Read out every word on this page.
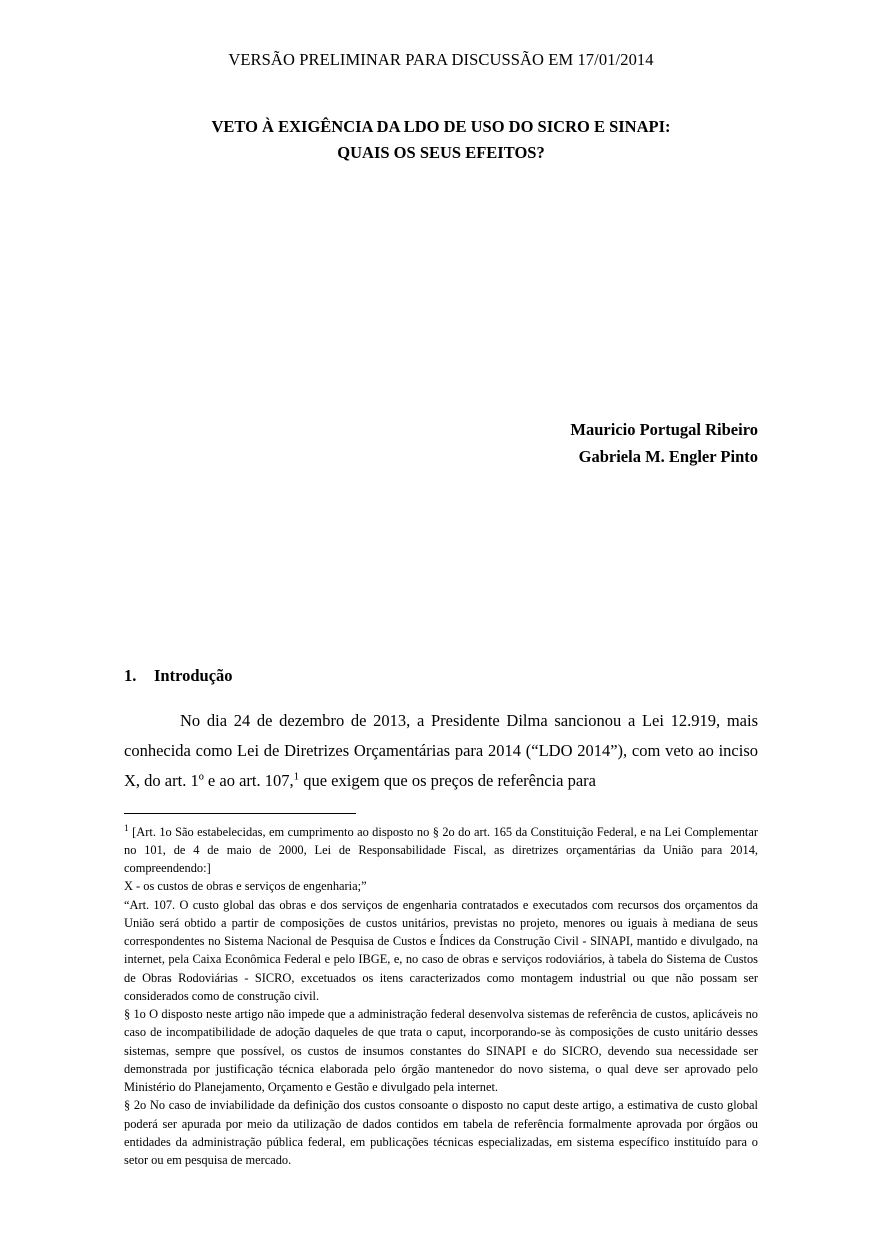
VERSÃO PRELIMINAR PARA DISCUSSÃO EM 17/01/2014
VETO À EXIGÊNCIA DA LDO DE USO DO SICRO E SINAPI:
QUAIS OS SEUS EFEITOS?
Mauricio Portugal Ribeiro
Gabriela M. Engler Pinto
1. Introdução

No dia 24 de dezembro de 2013, a Presidente Dilma sancionou a Lei 12.919, mais conhecida como Lei de Diretrizes Orçamentárias para 2014 (“LDO 2014”), com veto ao inciso X, do art. 1º e ao art. 107,$^1$ que exigem que os preços de referência para

$^1$ [Art. 1o São estabelecidas, em cumprimento ao disposto no § 2o do art. 165 da Constituição Federal, e na Lei Complementar no 101, de 4 de maio de 2000, Lei de Responsabilidade Fiscal, as diretrizes orçamentárias da União para 2014, compreendendo:]

X - os custos de obras e serviços de engenharia;”

“Art. 107. O custo global das obras e dos serviços de engenharia contratados e executados com recursos dos orçamentos da União será obtido a partir de composições de custos unitários, previstas no projeto, menores ou iguais à mediana de seus correspondentes no Sistema Nacional de Pesquisa de Custos e Índices da Construção Civil - SINAPI, mantido e divulgado, na internet, pela Caixa Econômica Federal e pelo IBGE, e, no caso de obras e serviços rodoviários, à tabela do Sistema de Custos de Obras Rodoviárias - SICRO, excetuados os itens caracterizados como montagem industrial ou que não possam ser considerados como de construção civil.

§ 1o O disposto neste artigo não impede que a administração federal desenvolva sistemas de referência de custos, aplicáveis no caso de incompatibilidade de adoção daqueles de que trata o caput, incorporando-se às composições de custo unitário desses sistemas, sempre que possível, os custos de insumos constantes do SINAPI e do SICRO, devendo sua necessidade ser demonstrada por justificação técnica elaborada pelo órgão mantenedor do novo sistema, o qual deve ser aprovado pelo Ministério do Planejamento, Orçamento e Gestão e divulgado pela internet.

§ 2o No caso de inviabilidade da definição dos custos consoante o disposto no caput deste artigo, a estimativa de custo global poderá ser apurada por meio da utilização de dados contidos em tabela de referência formalmente aprovada por órgãos ou entidades da administração pública federal, em publicações técnicas especializadas, em sistema específico instituído para o setor ou em pesquisa de mercado.
